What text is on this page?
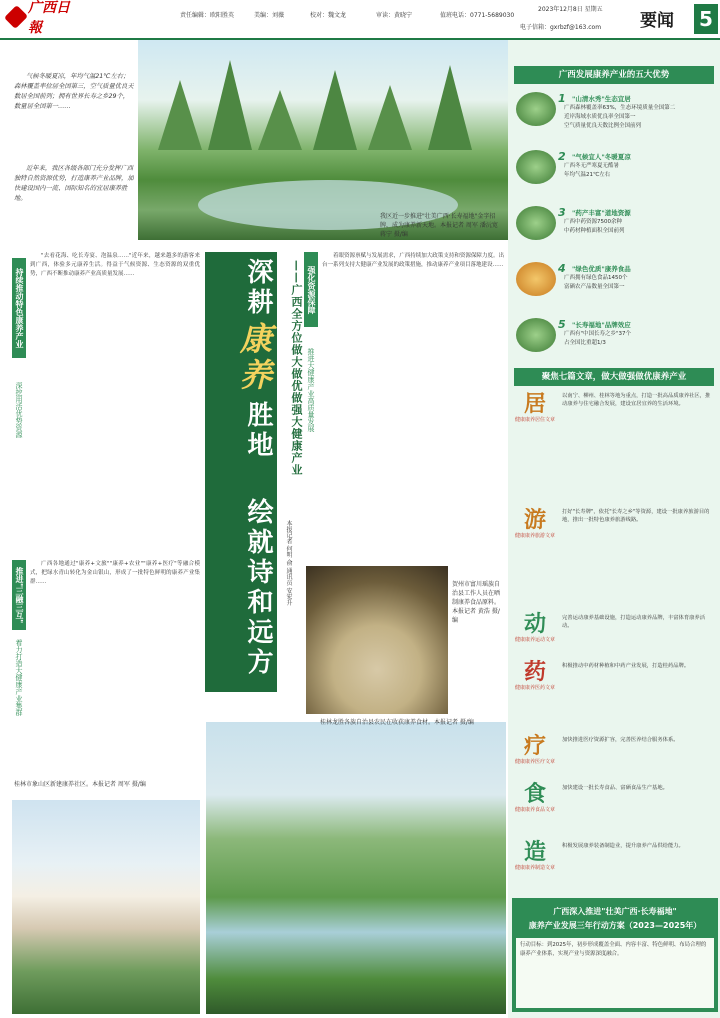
广西日報
责任编辑：欧阳胜英	美编：刘薇	校对：魏文龙	审读：黄晓宁	值班电话：0771-5689030
2023年12月8日 星期五
电子信箱：gxrbzf@163.com 要闻 5

气候冬暖夏凉，年均气温21℃左右；森林覆盖率位居全国第三，空气质量优良天数居全国前列；拥有世界长寿之乡29个，数量居全国第一……

近年来，我区各级各部门充分发挥广西独特自然资源优势，打造康养产业品牌，加快建设国内一流、国际知名的宜居康养胜地。

我区近一步推进"壮美广西·长寿福地"金字招牌，成为康养新天地。本报记者 周军 潘沅宽 蒋宁 摄/编

持续推动特色康养产业
深挖用活优势资源
推进"三融三互"
着力打造大健康产业集群

"去看花海、吃长寿宴、泡温泉……"近年来，越来越多的游客来到广西，体验多元康养生活。得益于气候资源、生态资源的双重优势，广西不断推动康养产业高质量发展……

广西各地通过"康养+文旅""康养+农业""康养+医疗"等融合模式，把绿水青山转化为金山银山，形成了一批特色鲜明的康养产业集群……

深耕
康养
胜地
绘就诗和远方
——广西全方位做大做优做强大健康产业
本报记者 何明 俞 通讯员 安宏升
强化资源保障
推进大健康产业高质量发展

着眼资源禀赋与发展需求，广西持续加大政策支持和资源保障力度。出台一系列支持大健康产业发展的政策措施，推动康养产业项目落地建设……

贺州市富川瑶族自治县工作人员在晒制康养食品原料。本报记者 黄浩 摄/编

桂林市象山区新建康养社区。本报记者 周军 摄/编

桂林龙胜各族自治县农民在收获康养食材。本报记者 摄/编

广西发展康养产业的五大优势
1 "山清水秀"生态宜居
广西森林覆盖率63%，生态环境质量全国第二
近岸海域水质优良率全国第一
空气质量优良天数比例全国前列
2 "气候宜人"冬暖夏凉
广西冬无严寒夏无酷暑
年均气温21℃左右
3 "药产丰富"道地资源
广西中药资源7500余种
中药材种植面积全国前列
4 "绿色优质"康养食品
广西拥有绿色食品1450个
富硒农产品数量全国第一
5 "长寿福地"品牌效应
广西有"中国长寿之乡"37个
占全国比重超1/3
聚焦七篇文章，做大做强做优康养产业
居
健康康养居住文章

以南宁、柳州、桂林等地为重点，打造一批高品质康养社区，推动康养与住宅融合发展，建设宜居宜养的生活环境。

游
健康康养旅游文章

打好"长寿牌"，依托"长寿之乡"等资源，建设一批康养旅游目的地，推出一批特色康养旅游线路。

动
健康康养运动文章

完善运动康养基础设施，打造运动康养品牌，丰富体育康养活动。

药
健康康养医药文章

积极推动中药材种植和中药产业发展，打造桂药品牌。

疗
健康康养医疗文章

加快推进医疗资源扩容，完善医养结合服务体系。

食
健康康养食品文章

加快建设一批长寿食品、富硒食品生产基地。

造
健康康养制造文章

积极发展康养装备制造业，提升康养产品供给能力。

广西深入推进"壮美广西·长寿福地"
康养产业发展三年行动方案（2023—2025年）

行动目标：到2025年，初步形成覆盖全面、内容丰富、特色鲜明、布局合理的康养产业体系，实现产业与资源深度融合。
